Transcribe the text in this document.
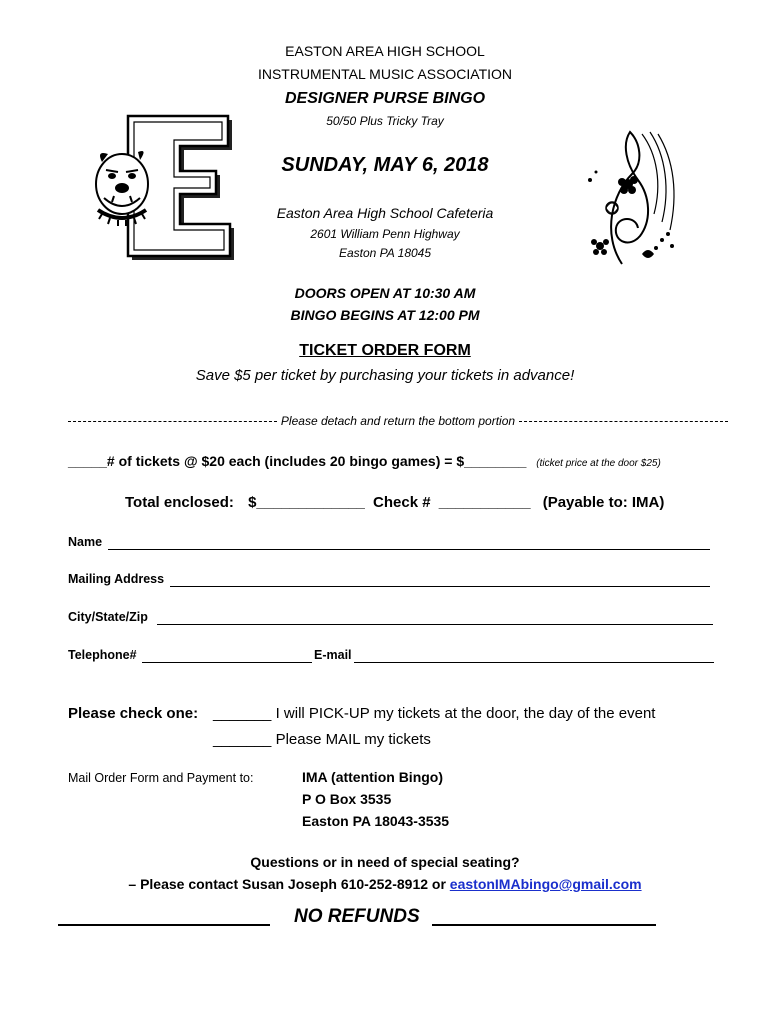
EASTON AREA HIGH SCHOOL
INSTRUMENTAL MUSIC ASSOCIATION
DESIGNER PURSE BINGO
50/50 Plus Tricky Tray
SUNDAY, MAY 6, 2018
Easton Area High School Cafeteria
2601 William Penn Highway
Easton PA 18045
DOORS OPEN AT 10:30 AM
BINGO BEGINS AT 12:00 PM
TICKET ORDER FORM
Save $5 per ticket by purchasing your tickets in advance!
Please detach and return the bottom portion
_____# of tickets @ $20 each (includes 20 bingo games) = $________ (ticket price at the door $25)
Total enclosed: $_____________ Check # ___________ (Payable to: IMA)
Name
Mailing Address
City/State/Zip
Telephone#	E-mail
Please check one: _______ I will PICK-UP my tickets at the door, the day of the event
_______ Please MAIL my tickets
Mail Order Form and Payment to:	IMA (attention Bingo)
P O Box 3535
Easton PA 18043-3535
Questions or in need of special seating?
– Please contact Susan Joseph 610-252-8912 or eastonIMAbingo@gmail.com
NO REFUNDS
